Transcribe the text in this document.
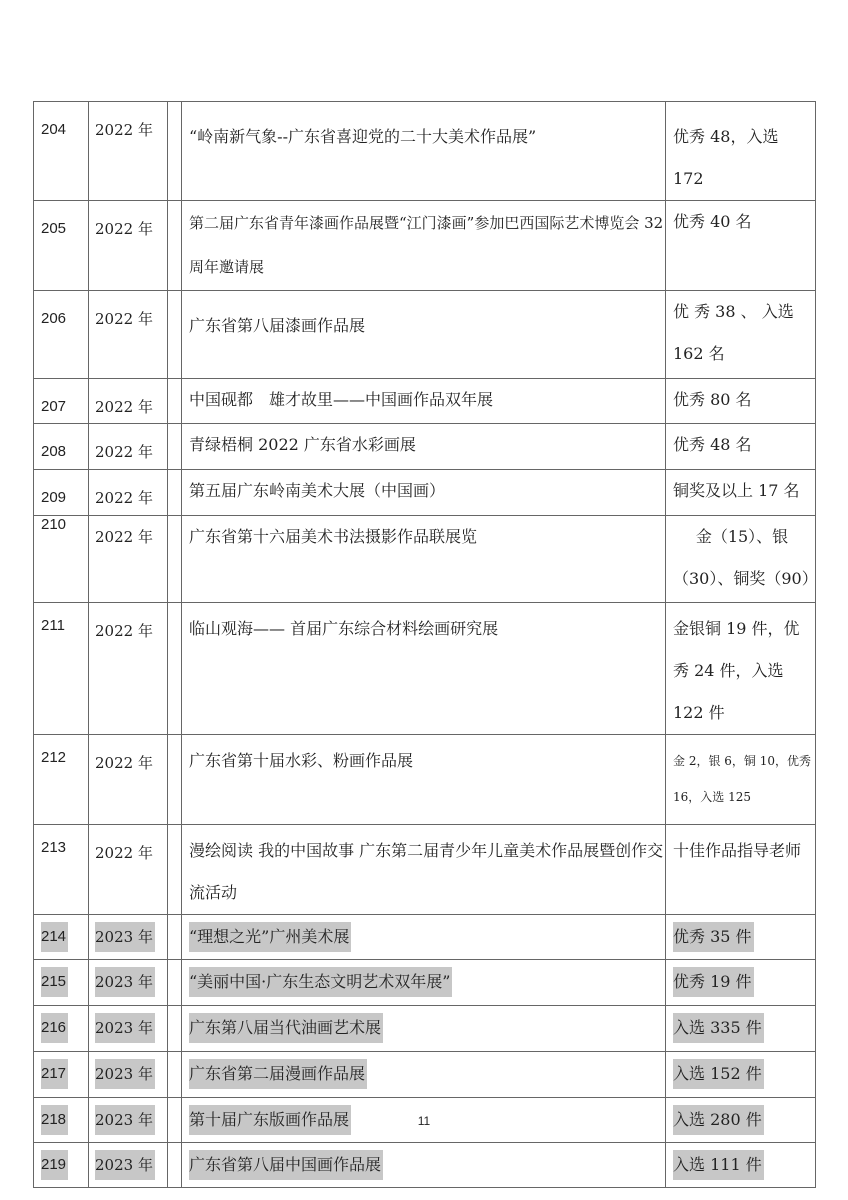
204	2022 年		“岭南新气象--广东省喜迎党的二十大美术作品展”	优秀 48，入选 172

205	2022 年		第二届广东省青年漆画作品展暨“江门漆画”参加巴西国际艺术博览会 32 周年邀请展	优秀 40 名

206	2022 年		广东省第八届漆画作品展	优 秀 38 、 入选 162 名

207	2022 年		中国砚都　雄才故里——中国画作品双年展	优秀 80 名

208	2022 年		青绿梧桐 2022 广东省水彩画展	优秀 48 名

209	2022 年		第五届广东岭南美术大展（中国画）	铜奖及以上 17 名

210	2022 年		广东省第十六届美术书法摄影作品联展览	金（15）、银（30）、铜奖（90）

211	2022 年		临山观海—— 首届广东综合材料绘画研究展	金银铜 19 件，优秀 24 件，入选 122 件

212	2022 年		广东省第十届水彩、粉画作品展	金 2，银 6，铜 10，优秀 16，入选 125

213	2022 年		漫绘阅读 我的中国故事 广东第二届青少年儿童美术作品展暨创作交流活动	十佳作品指导老师

214	2023 年		“理想之光”广州美术展	优秀 35 件

215	2023 年		“美丽中国·广东生态文明艺术双年展”	优秀 19 件

216	2023 年		广东第八届当代油画艺术展	入选 335 件

217	2023 年		广东省第二届漫画作品展	入选 152 件

218	2023 年		第十届广东版画作品展	入选 280 件

219	2023 年		广东省第八届中国画作品展	入选 111 件
11
